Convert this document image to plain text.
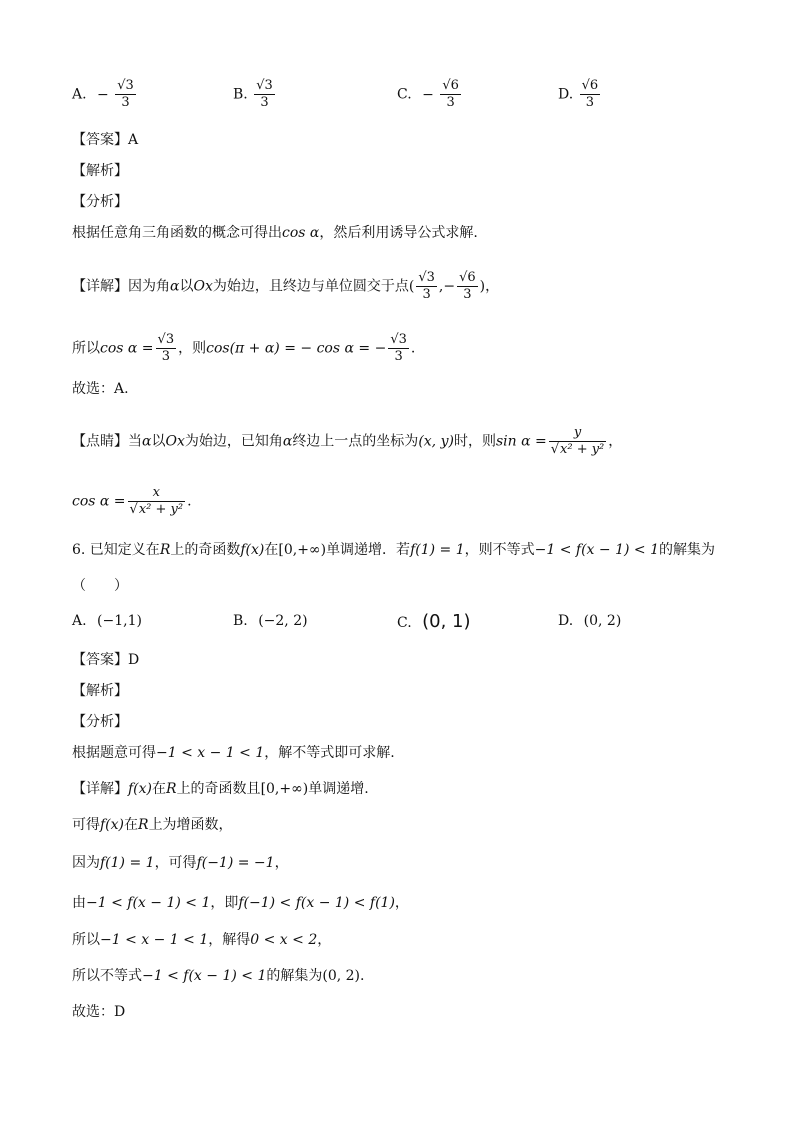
A. − $\frac{√3}{3}$	B. $\frac{√3}{3}$	C. − $\frac{√6}{3}$	D. $\frac{√6}{3}$
【答案】A
【解析】
【分析】
根据任意角三角函数的概念可得出cos α，然后利用诱导公式求解.
【详解】因为角α以Ox为始边，且终边与单位圆交于点( $\frac{√3}{3}$ ,− $\frac{√6}{3}$ )，
所以$\cos \alpha = \frac{√3}{3}$ ，则cos(π + α) = − cos α = − $\frac{√3}{3}$ .
故选：A.
【点睛】当α以Ox为始边，已知角α终边上一点的坐标为(x, y)时，则$\sin \alpha = \frac{y}{\text{√x² + y²}}$ ，
$\cos \alpha = \frac{x}{\text{√x² + y²}}$ .
6. 已知定义在R上的奇函数f(x)在[0,+∞)单调递增．若f(1) = 1，则不等式−1 < f(x − 1) < 1的解集为
（　　）
A. (−1,1)	B. (−2, 2)	C. (0, 1)	D. (0, 2)
【答案】D
【解析】
【分析】
根据题意可得−1 < x − 1 < 1，解不等式即可求解.
【详解】f(x)在R上的奇函数且[0,+∞)单调递增.
可得f(x)在R上为增函数，
因为f(1) = 1，可得f(−1) = −1，
由−1 < f(x − 1) < 1，即f(−1) < f(x − 1) < f(1)，
所以−1 < x − 1 < 1，解得0 < x < 2，
所以不等式−1 < f(x − 1) < 1的解集为(0, 2).
故选：D
